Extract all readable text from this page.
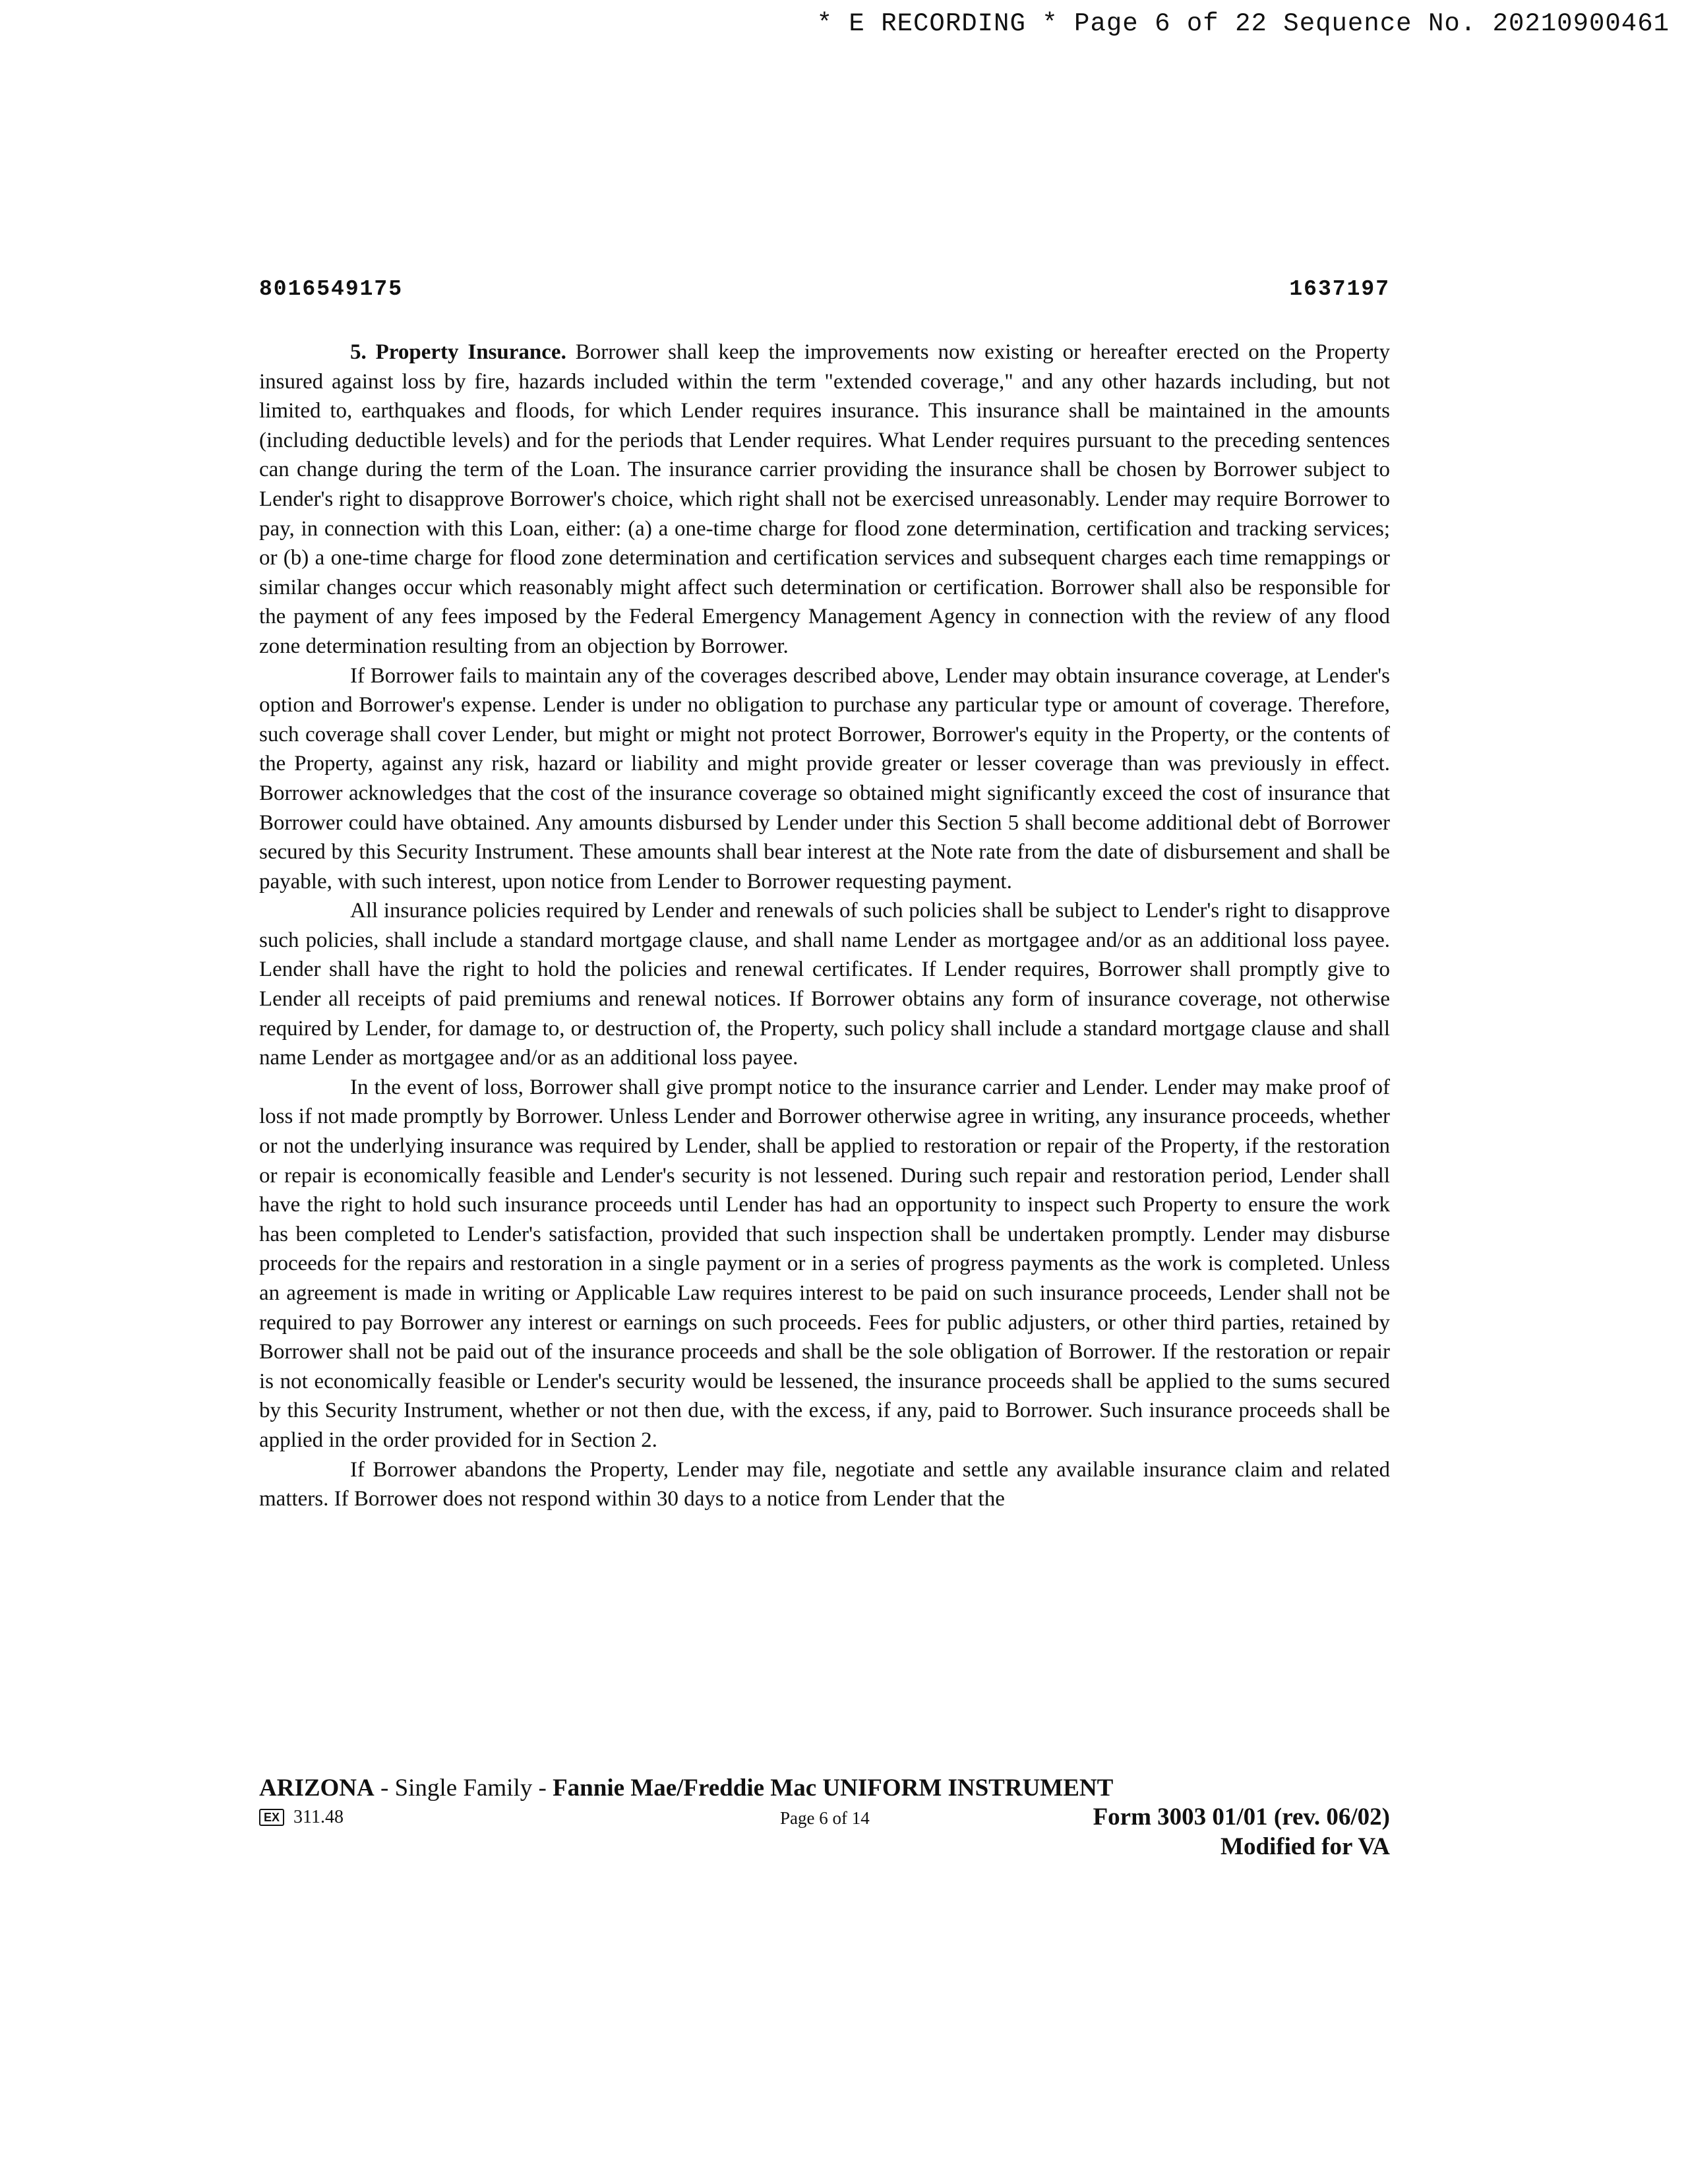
* E RECORDING * Page 6 of 22 Sequence No. 20210900461
8016549175	1637197

5. Property Insurance. Borrower shall keep the improvements now existing or hereafter erected on the Property insured against loss by fire, hazards included within the term "extended coverage," and any other hazards including, but not limited to, earthquakes and floods, for which Lender requires insurance. This insurance shall be maintained in the amounts (including deductible levels) and for the periods that Lender requires. What Lender requires pursuant to the preceding sentences can change during the term of the Loan. The insurance carrier providing the insurance shall be chosen by Borrower subject to Lender's right to disapprove Borrower's choice, which right shall not be exercised unreasonably. Lender may require Borrower to pay, in connection with this Loan, either: (a) a one-time charge for flood zone determination, certification and tracking services; or (b) a one-time charge for flood zone determination and certification services and subsequent charges each time remappings or similar changes occur which reasonably might affect such determination or certification. Borrower shall also be responsible for the payment of any fees imposed by the Federal Emergency Management Agency in connection with the review of any flood zone determination resulting from an objection by Borrower.

If Borrower fails to maintain any of the coverages described above, Lender may obtain insurance coverage, at Lender's option and Borrower's expense. Lender is under no obligation to purchase any particular type or amount of coverage. Therefore, such coverage shall cover Lender, but might or might not protect Borrower, Borrower's equity in the Property, or the contents of the Property, against any risk, hazard or liability and might provide greater or lesser coverage than was previously in effect. Borrower acknowledges that the cost of the insurance coverage so obtained might significantly exceed the cost of insurance that Borrower could have obtained. Any amounts disbursed by Lender under this Section 5 shall become additional debt of Borrower secured by this Security Instrument. These amounts shall bear interest at the Note rate from the date of disbursement and shall be payable, with such interest, upon notice from Lender to Borrower requesting payment.

All insurance policies required by Lender and renewals of such policies shall be subject to Lender's right to disapprove such policies, shall include a standard mortgage clause, and shall name Lender as mortgagee and/or as an additional loss payee. Lender shall have the right to hold the policies and renewal certificates. If Lender requires, Borrower shall promptly give to Lender all receipts of paid premiums and renewal notices. If Borrower obtains any form of insurance coverage, not otherwise required by Lender, for damage to, or destruction of, the Property, such policy shall include a standard mortgage clause and shall name Lender as mortgagee and/or as an additional loss payee.

In the event of loss, Borrower shall give prompt notice to the insurance carrier and Lender. Lender may make proof of loss if not made promptly by Borrower. Unless Lender and Borrower otherwise agree in writing, any insurance proceeds, whether or not the underlying insurance was required by Lender, shall be applied to restoration or repair of the Property, if the restoration or repair is economically feasible and Lender's security is not lessened. During such repair and restoration period, Lender shall have the right to hold such insurance proceeds until Lender has had an opportunity to inspect such Property to ensure the work has been completed to Lender's satisfaction, provided that such inspection shall be undertaken promptly. Lender may disburse proceeds for the repairs and restoration in a single payment or in a series of progress payments as the work is completed. Unless an agreement is made in writing or Applicable Law requires interest to be paid on such insurance proceeds, Lender shall not be required to pay Borrower any interest or earnings on such proceeds. Fees for public adjusters, or other third parties, retained by Borrower shall not be paid out of the insurance proceeds and shall be the sole obligation of Borrower. If the restoration or repair is not economically feasible or Lender's security would be lessened, the insurance proceeds shall be applied to the sums secured by this Security Instrument, whether or not then due, with the excess, if any, paid to Borrower. Such insurance proceeds shall be applied in the order provided for in Section 2.

If Borrower abandons the Property, Lender may file, negotiate and settle any available insurance claim and related matters. If Borrower does not respond within 30 days to a notice from Lender that the

ARIZONA - Single Family - Fannie Mae/Freddie Mac UNIFORM INSTRUMENT
EX 311.48	Page 6 of 14	Form 3003 01/01 (rev. 06/02)
Modified for VA
